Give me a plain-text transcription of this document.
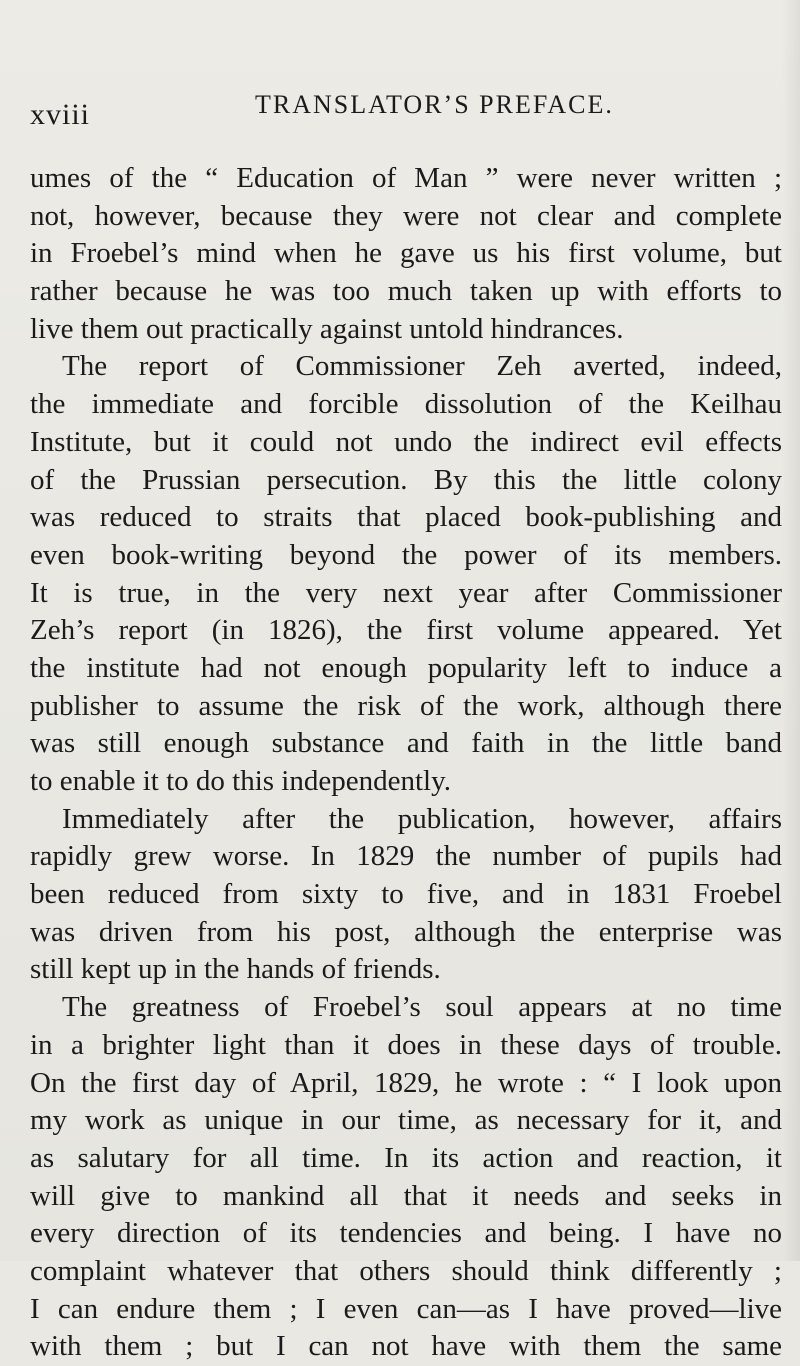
xviii	TRANSLATOR’S PREFACE.
umes of the “ Education of Man ” were never written ;
not, however, because they were not clear and complete
in Froebel’s mind when he gave us his first volume, but
rather because he was too much taken up with efforts to
live them out practically against untold hindrances.
The report of Commissioner Zeh averted, indeed,
the immediate and forcible dissolution of the Keilhau
Institute, but it could not undo the indirect evil effects
of the Prussian persecution. By this the little colony
was reduced to straits that placed book-publishing and
even book-writing beyond the power of its members.
It is true, in the very next year after Commissioner
Zeh’s report (in 1826), the first volume appeared. Yet
the institute had not enough popularity left to induce a
publisher to assume the risk of the work, although there
was still enough substance and faith in the little band
to enable it to do this independently.
Immediately after the publication, however, affairs
rapidly grew worse. In 1829 the number of pupils had
been reduced from sixty to five, and in 1831 Froebel
was driven from his post, although the enterprise was
still kept up in the hands of friends.
The greatness of Froebel’s soul appears at no time
in a brighter light than it does in these days of trouble.
On the first day of April, 1829, he wrote : “ I look upon
my work as unique in our time, as necessary for it, and
as salutary for all time. In its action and reaction, it
will give to mankind all that it needs and seeks in
every direction of its tendencies and being. I have no
complaint whatever that others should think differently ;
I can endure them ; I even can—as I have proved—live
with them ; but I can not have with them the same
